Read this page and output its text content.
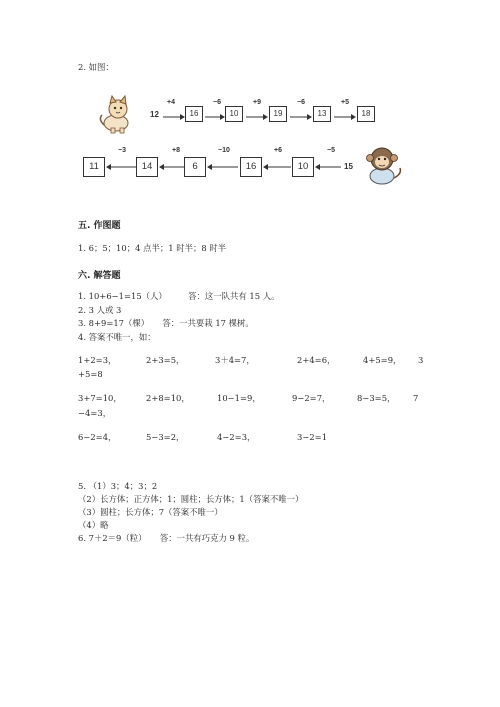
2. 如图：
12
+4
16
−6
10
+9
19
−6
13
+5
18
11
−3
14
+8
6
−10
16
+6
10
−5
15
五. 作图题
1. 6；5；10；4 点半；1 时半；8 时半
六. 解答题
1. 10+6−1=15（人）        答：这一队共有 15 人。
2. 3 人或 3
3. 8+9=17（棵）     答：一共要栽 17 棵树。
4. 答案不唯一，如：
1+2=3，	2+3=5，	3＋4=7，	2+4=6，	4+5=9， 3
+5=8
3+7=10，	2+8=10，	10−1=9，	9−2=7，	8−3=5， 7
−4=3，
6−2=4，	5−3=2，	4−2=3，	3−2=1
5. （1）3；4；3；2
（2）长方体；正方体；1；圆柱；长方体；1（答案不唯一）
（3）圆柱；长方体；7（答案不唯一）
（4）略
6. 7＋2＝9（粒）     答：一共有巧克力 9 粒。
